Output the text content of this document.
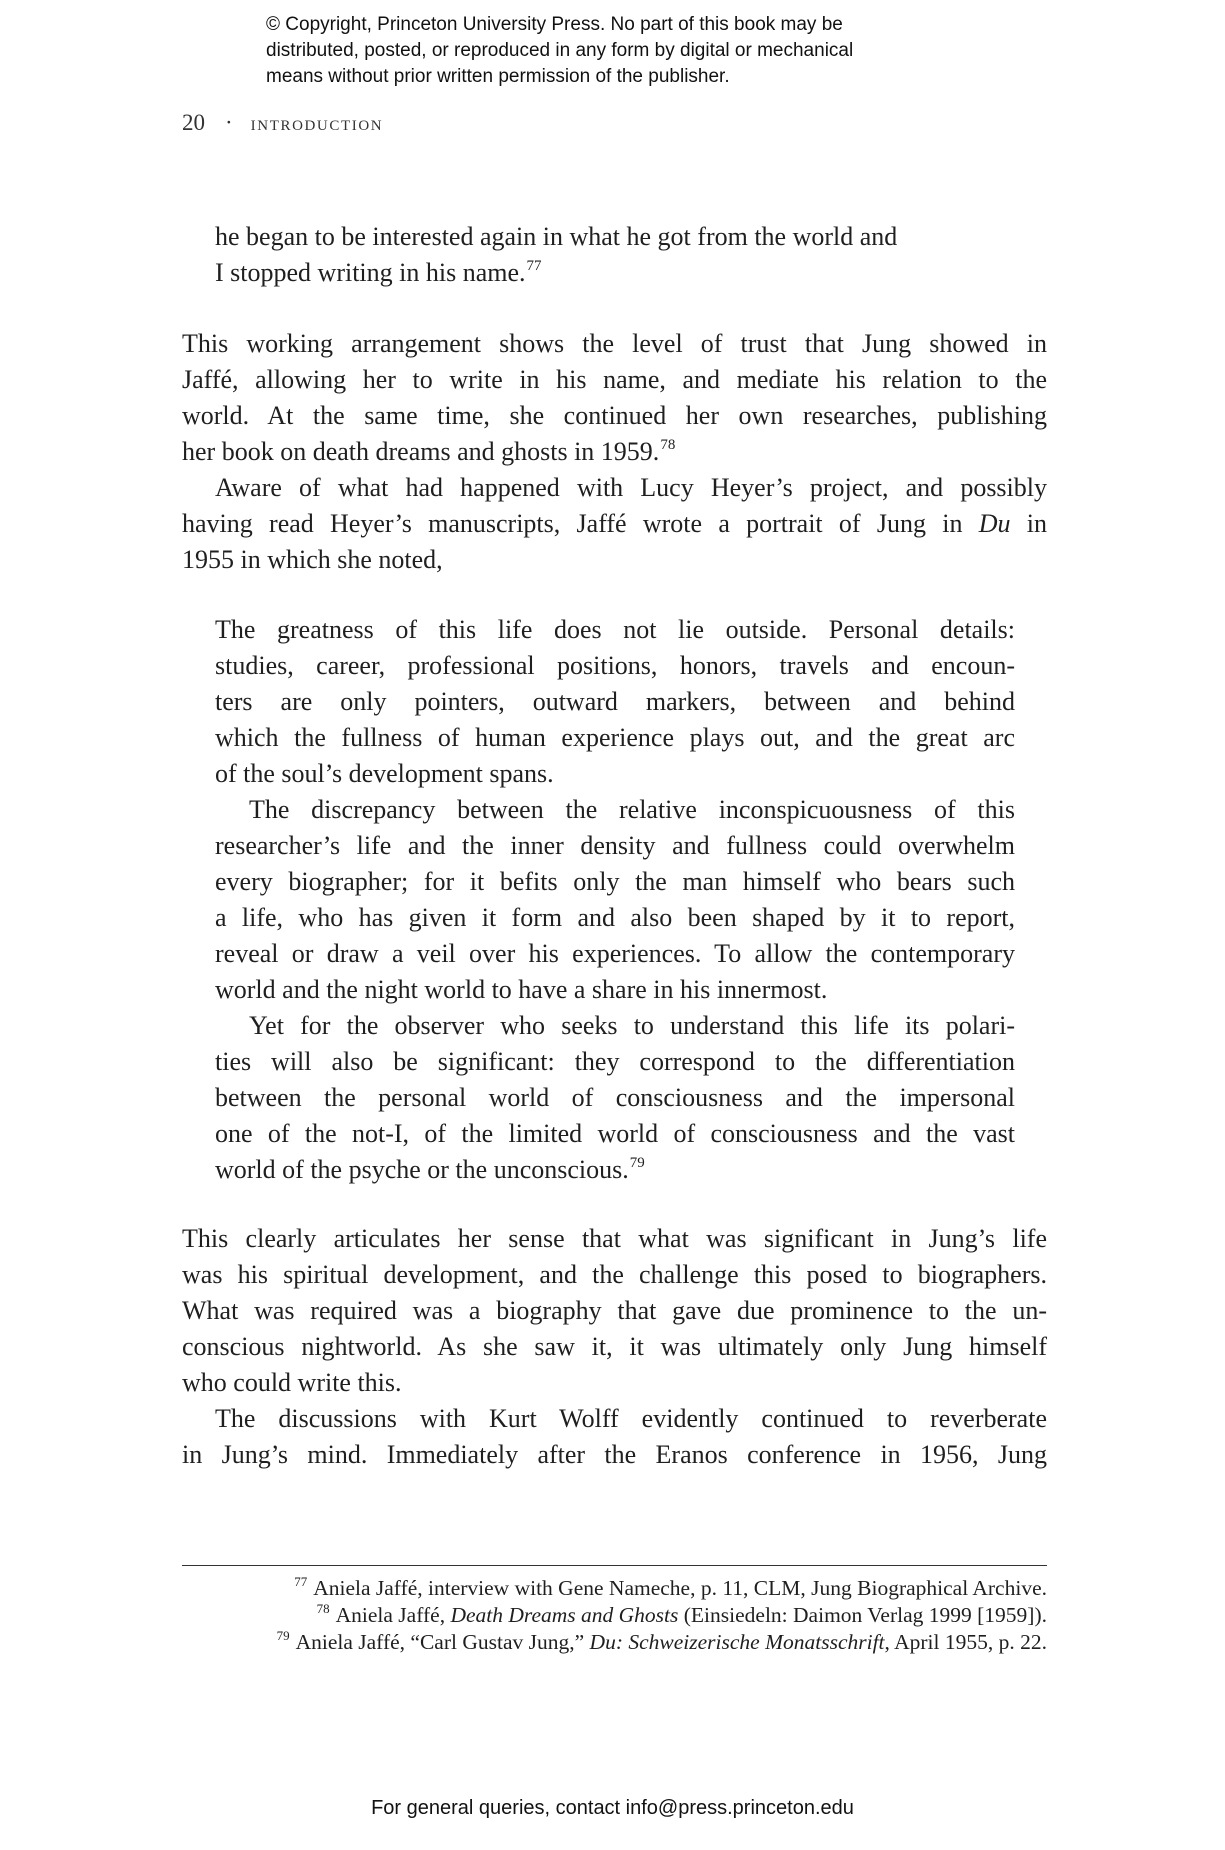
© Copyright, Princeton University Press. No part of this book may be
distributed, posted, or reproduced in any form by digital or mechanical
means without prior written permission of the publisher.
20 · introduction
he began to be interested again in what he got from the world and
I stopped writing in his name.$^{77}$
This working arrangement shows the level of trust that Jung showed in
Jaffé, allowing her to write in his name, and mediate his relation to the
world. At the same time, she continued her own researches, publishing
her book on death dreams and ghosts in 1959.78
Aware of what had happened with Lucy Heyer’s project, and possibly
having read Heyer’s manuscripts, Jaffé wrote a portrait of Jung in Du in
1955 in which she noted,
The greatness of this life does not lie outside. Personal details:
studies, career, professional positions, honors, travels and encoun-
ters are only pointers, outward markers, between and behind
which the fullness of human experience plays out, and the great arc
of the soul’s development spans.
The discrepancy between the relative inconspicuousness of this
researcher’s life and the inner density and fullness could overwhelm
every biographer; for it befits only the man himself who bears such
a life, who has given it form and also been shaped by it to report,
reveal or draw a veil over his experiences. To allow the contemporary
world and the night world to have a share in his innermost.
Yet for the observer who seeks to understand this life its polari-
ties will also be significant: they correspond to the differentiation
between the personal world of consciousness and the impersonal
one of the not-I, of the limited world of consciousness and the vast
world of the psyche or the unconscious.$^{79}$
This clearly articulates her sense that what was significant in Jung’s life
was his spiritual development, and the challenge this posed to biographers.
What was required was a biography that gave due prominence to the un-
conscious nightworld. As she saw it, it was ultimately only Jung himself
who could write this.
The discussions with Kurt Wolff evidently continued to reverberate
in Jung’s mind. Immediately after the Eranos conference in 1956, Jung
$^{77}$ Aniela Jaffé, interview with Gene Nameche, p. 11, CLM, Jung Biographical Archive.
$^{78}$ Aniela Jaffé, Death Dreams and Ghosts (Einsiedeln: Daimon Verlag 1999 [1959]).
$^{79}$ Aniela Jaffé, “Carl Gustav Jung,” Du: Schweizerische Monatsschrift, April 1955, p. 22.
For general queries, contact info@press.princeton.edu
